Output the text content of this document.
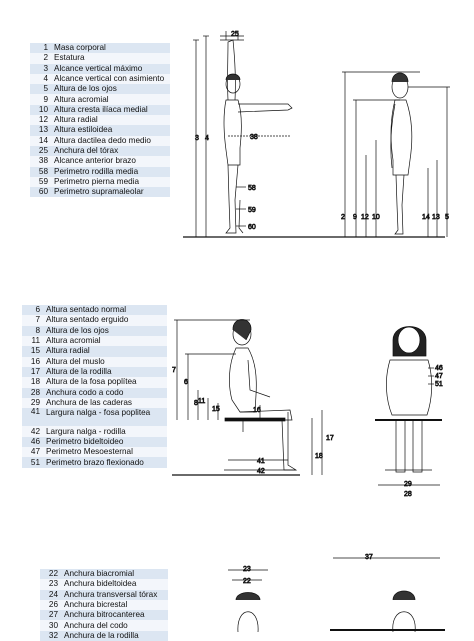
1 Masa corporal
2 Estatura
3 Alcance vertical máximo
4 Alcance vertical con asimiento
5 Altura de los ojos
9 Altura acromial
10 Altura cresta ilíaca medial
12 Altura radial
13 Altura estiloidea
14 Altura dactilea dedo medio
25 Anchura del tórax
38 Alcance anterior brazo
58 Perimetro rodilla media
59 Perimetro pierna media
60 Perimetro supramaleolar
6 Altura sentado normal
7 Altura sentado erguido
8 Altura de los ojos
11 Altura acromial
15 Altura radial
16 Altura del muslo
17 Altura de la rodilla
18 Altura de la fosa poplítea
28 Anchura codo a codo
29 Anchura de las caderas
41 Largura nalga - fosa poplitea
42 Largura nalga - rodilla
46 Perimetro bideltoideo
47 Perimetro Mesoesternal
51 Perimetro brazo flexionado
22 Anchura biacromial
23 Anchura bideltoidea
24 Anchura transversal tórax
26 Anchura bicrestal
27 Anchura bitrocanterea
30 Anchura del codo
32 Anchura de la rodilla
25
38
58
59
60
3 4
2 9 12 10	14 13 5
7
6
8 11
15	16
17
18
41
42
46
47
51
29
28
23
22
37
